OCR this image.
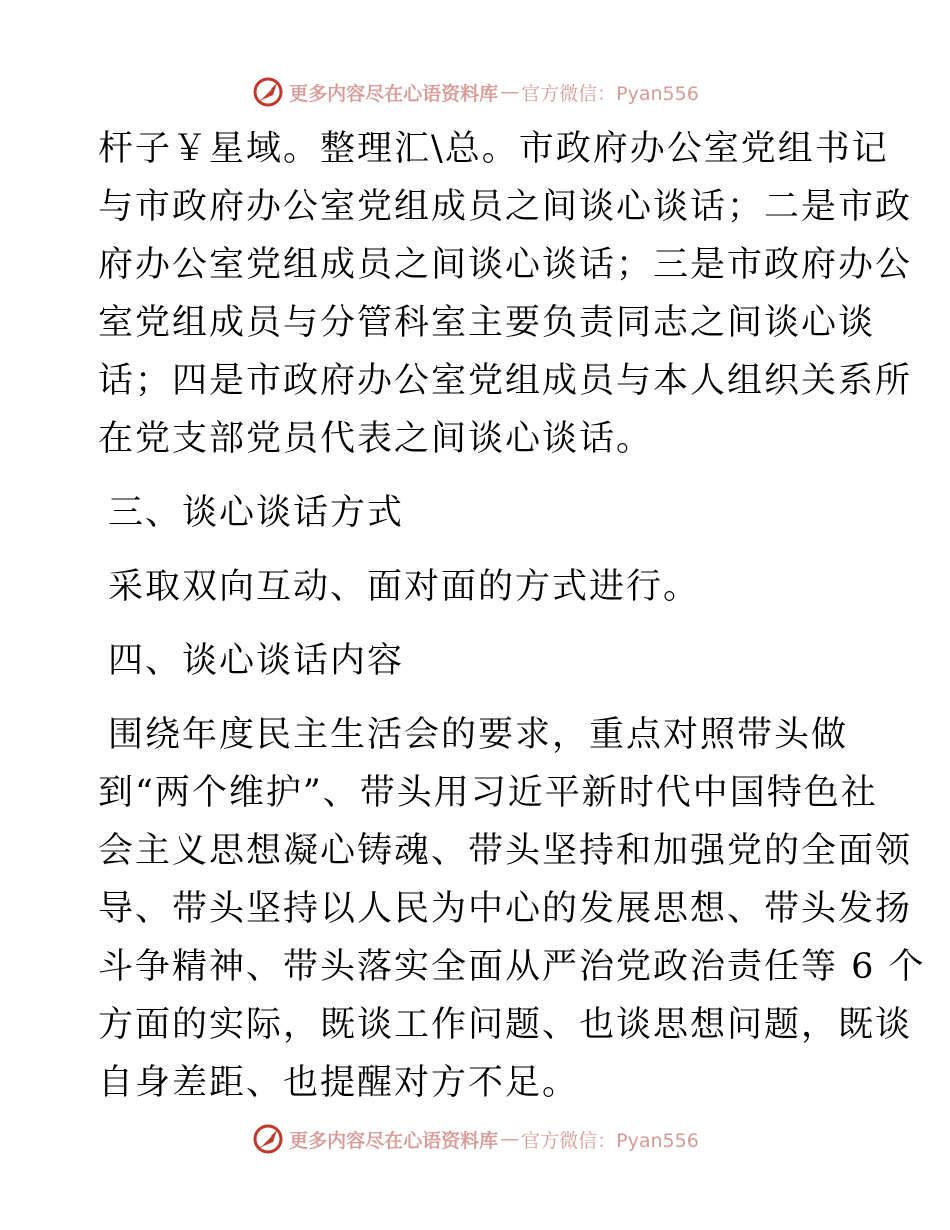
更多内容尽在心语资料库 — 官方微信：Pyan556
杆子￥星域。整理汇\总。市政府办公室党组书记
与市政府办公室党组成员之间谈心谈话；二是市政
府办公室党组成员之间谈心谈话；三是市政府办公
室党组成员与分管科室主要负责同志之间谈心谈
话；四是市政府办公室党组成员与本人组织关系所
在党支部党员代表之间谈心谈话。
三、谈心谈话方式
采取双向互动、面对面的方式进行。
四、谈心谈话内容
围绕年度民主生活会的要求，重点对照带头做
到“两个维护”、带头用习近平新时代中国特色社
会主义思想凝心铸魂、带头坚持和加强党的全面领
导、带头坚持以人民为中心的发展思想、带头发扬
斗争精神、带头落实全面从严治党政治责任等 6 个
方面的实际，既谈工作问题、也谈思想问题，既谈
自身差距、也提醒对方不足。
更多内容尽在心语资料库 — 官方微信：Pyan556
